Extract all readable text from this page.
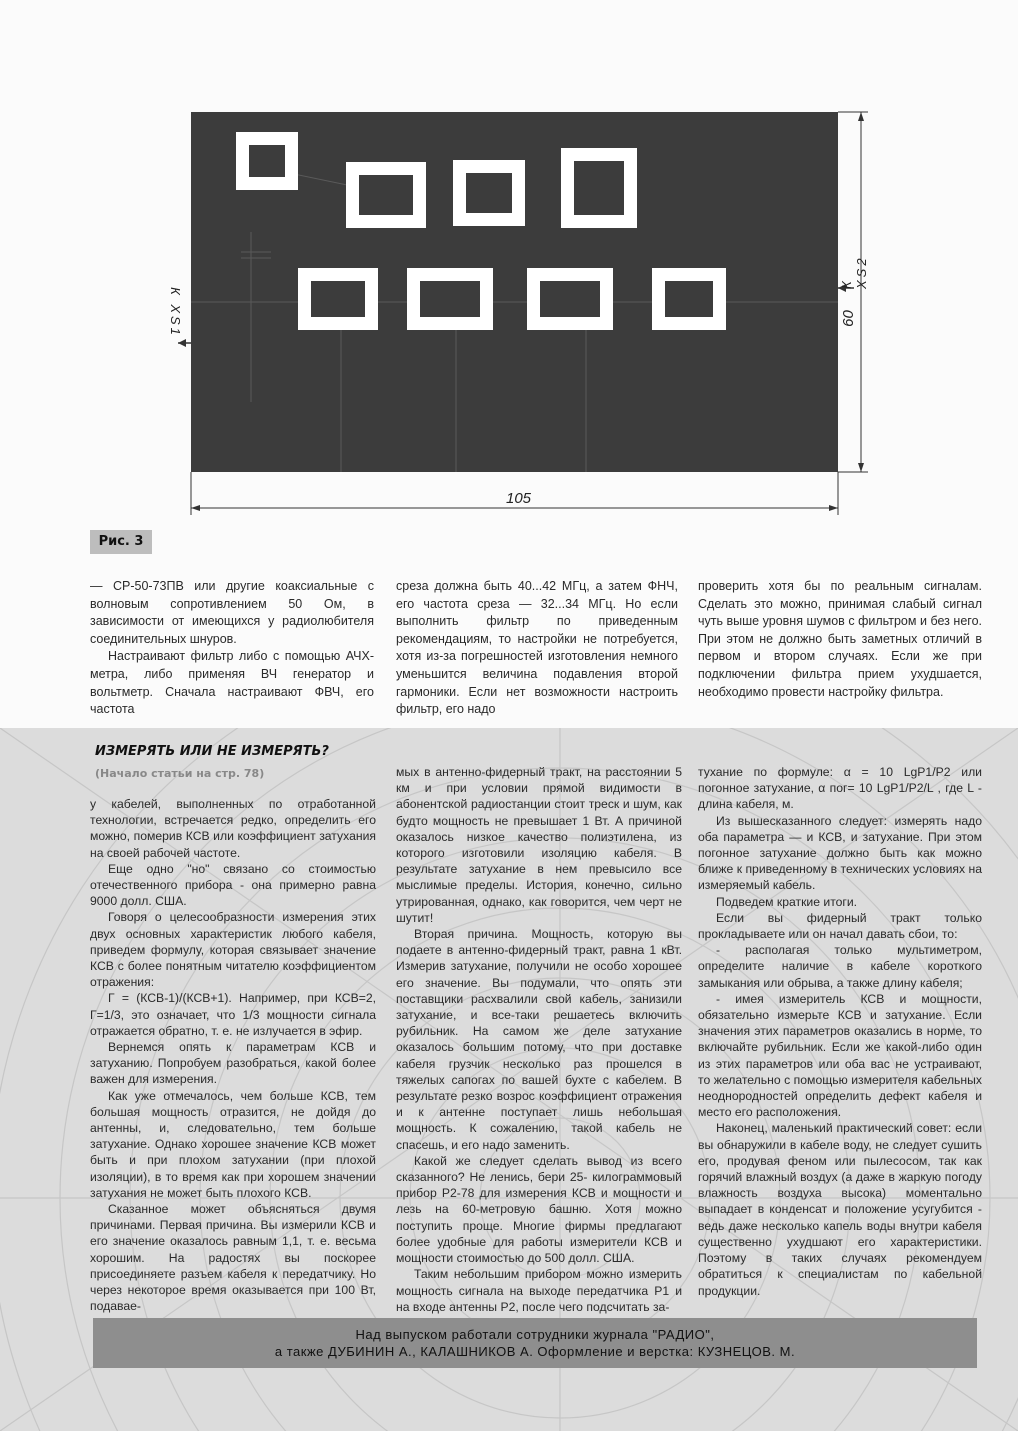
105
60
К XS1
К XS2
Рис. 3

— СР-50-73ПВ или другие коаксиальные с волновым сопротивлением 50 Ом, в зависимости от имеющихся у радиолюбителя соединительных шнуров.

Настраивают фильтр либо с помощью АЧХ-метра, либо применяя ВЧ генератор и вольтметр. Сначала настраивают ФВЧ, его частота

среза должна быть 40...42 МГц, а затем ФНЧ, его частота среза — 32...34 МГц. Но если выполнить фильтр по приведенным рекомендациям, то настройки не потребуется, хотя из-за погрешностей изготовления немного уменьшится величина подавления второй гармоники. Если нет возможности настроить фильтр, его надо

проверить хотя бы по реальным сигналам. Сделать это можно, принимая слабый сигнал чуть выше уровня шумов с фильтром и без него. При этом не должно быть заметных отличий в первом и втором случаях. Если же при подключении фильтра прием ухудшается, необходимо провести настройку фильтра.

ИЗМЕРЯТЬ ИЛИ НЕ ИЗМЕРЯТЬ?
(Начало статьи на стр. 78)

у кабелей, выполненных по отработанной технологии, встречается редко, определить его можно, померив КСВ или коэффициент затухания на своей рабочей частоте.

Еще одно "но" связано со стоимостью отечественного прибора - она примерно равна 9000 долл. США.

Говоря о целесообразности измерения этих двух основных характеристик любого кабеля, приведем формулу, которая связывает значение КСВ с более понятным читателю коэффициентом отражения:

Г = (КСВ-1)/(КСВ+1). Например, при КСВ=2, Г=1/3, это означает, что 1/3 мощности сигнала отражается обратно, т. е. не излучается в эфир.

Вернемся опять к параметрам КСВ и затуханию. Попробуем разобраться, какой более важен для измерения.

Как уже отмечалось, чем больше КСВ, тем большая мощность отразится, не дойдя до антенны, и, следовательно, тем больше затухание. Однако хорошее значение КСВ может быть и при плохом затухании (при плохой изоляции), в то время как при хорошем значении затухания не может быть плохого КСВ.

Сказанное может объясняться двумя причинами. Первая причина. Вы измерили КСВ и его значение оказалось равным 1,1, т. е. весьма хорошим. На радостях вы поскорее присоединяете разъем кабеля к передатчику. Но через некоторое время оказывается при 100 Вт, подавае-

мых в антенно-фидерный тракт, на расстоянии 5 км и при условии прямой видимости в абонентской радиостанции стоит треск и шум, как будто мощность не превышает 1 Вт. А причиной оказалось низкое качество полиэтилена, из которого изготовили изоляцию кабеля. В результате затухание в нем превысило все мыслимые пределы. История, конечно, сильно утрированная, однако, как говорится, чем черт не шутит!

Вторая причина. Мощность, которую вы подаете в антенно-фидерный тракт, равна 1 кВт. Измерив затухание, получили не особо хорошее его значение. Вы подумали, что опять эти поставщики расхвалили свой кабель, занизили затухание, и все-таки решаетесь включить рубильник. На самом же деле затухание оказалось большим потому, что при доставке кабеля грузчик несколько раз прошелся в тяжелых сапогах по вашей бухте с кабелем. В результате резко возрос коэффициент отражения и к антенне поступает лишь небольшая мощность. К сожалению, такой кабель не спасешь, и его надо заменить.

Какой же следует сделать вывод из всего сказанного? Не ленись, бери 25- килограммовый прибор Р2-78 для измерения КСВ и мощности и лезь на 60-метровую башню. Хотя можно поступить проще. Многие фирмы предлагают более удобные для работы измерители КСВ и мощности стоимостью до 500 долл. США.

Таким небольшим прибором можно измерить мощность сигнала на выходе передатчика Р1 и на входе антенны Р2, после чего подсчитать за-

тухание по формуле: α = 10 LgP1/P2 или погонное затухание, α пог= 10 LgP1/P2/L , где L - длина кабеля, м.

Из вышесказанного следует: измерять надо оба параметра — и КСВ, и затухание. При этом погонное затухание должно быть как можно ближе к приведенному в технических условиях на измеряемый кабель.

Подведем краткие итоги.

Если вы фидерный тракт только прокладываете или он начал давать сбои, то:

- располагая только мультиметром, определите наличие в кабеле короткого замыкания или обрыва, а также длину кабеля;

- имея измеритель КСВ и мощности, обязательно измерьте КСВ и затухание. Если значения этих параметров оказались в норме, то включайте рубильник. Если же какой-либо один из этих параметров или оба вас не устраивают, то желательно с помощью измерителя кабельных неоднородностей определить дефект кабеля и место его расположения.

Наконец, маленький практический совет: если вы обнаружили в кабеле воду, не следует сушить его, продувая феном или пылесосом, так как горячий влажный воздух (а даже в жаркую погоду влажность воздуха высока) моментально выпадает в конденсат и положение усугубится - ведь даже несколько капель воды внутри кабеля существенно ухудшают его характеристики. Поэтому в таких случаях рекомендуем обратиться к специалистам по кабельной продукции.

Над выпуском работали сотрудники журнала "РАДИО",
а также ДУБИНИН А., КАЛАШНИКОВ А. Оформление и верстка: КУЗНЕЦОВ. М.
